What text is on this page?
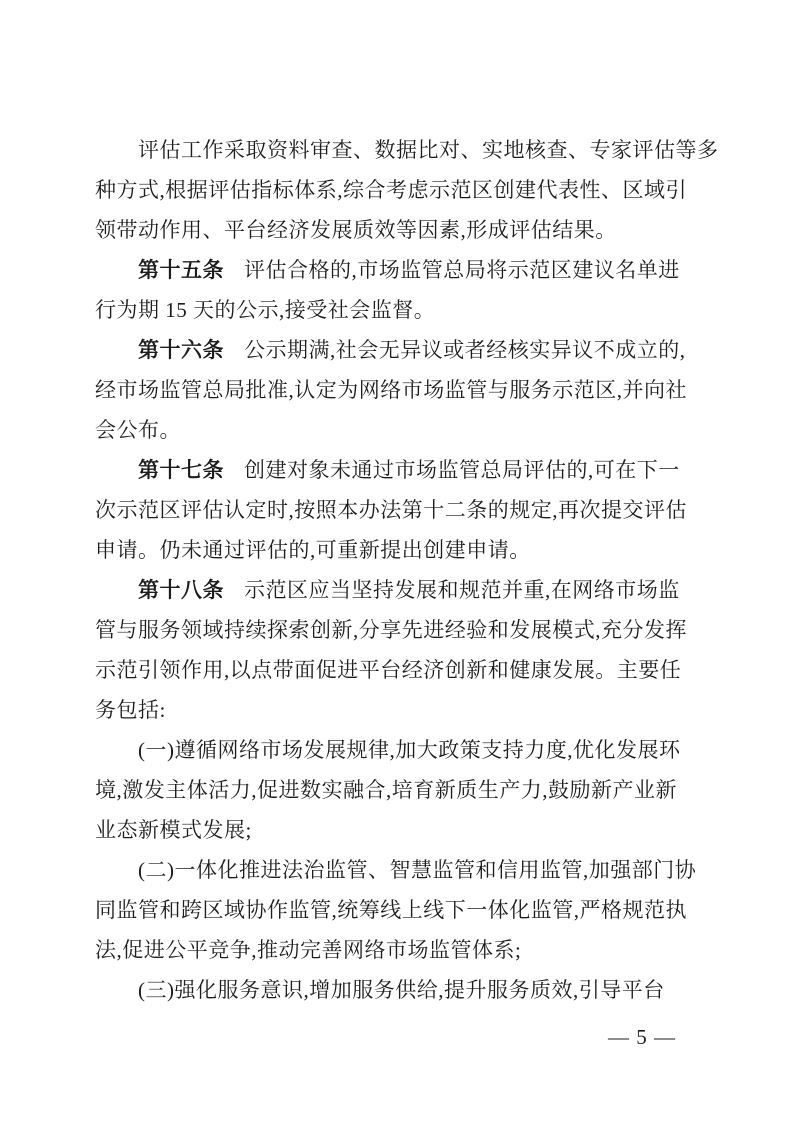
评估工作采取资料审查、数据比对、实地核查、专家评估等多
种方式,根据评估指标体系,综合考虑示范区创建代表性、区域引
领带动作用、平台经济发展质效等因素,形成评估结果。
第十五条 评估合格的,市场监管总局将示范区建议名单进
行为期 15 天的公示,接受社会监督。
第十六条 公示期满,社会无异议或者经核实异议不成立的,
经市场监管总局批准,认定为网络市场监管与服务示范区,并向社
会公布。
第十七条 创建对象未通过市场监管总局评估的,可在下一
次示范区评估认定时,按照本办法第十二条的规定,再次提交评估
申请。仍未通过评估的,可重新提出创建申请。
第十八条 示范区应当坚持发展和规范并重,在网络市场监
管与服务领域持续探索创新,分享先进经验和发展模式,充分发挥
示范引领作用,以点带面促进平台经济创新和健康发展。主要任
务包括:
(一)遵循网络市场发展规律,加大政策支持力度,优化发展环
境,激发主体活力,促进数实融合,培育新质生产力,鼓励新产业新
业态新模式发展;
(二)一体化推进法治监管、智慧监管和信用监管,加强部门协
同监管和跨区域协作监管,统筹线上线下一体化监管,严格规范执
法,促进公平竞争,推动完善网络市场监管体系;
(三)强化服务意识,增加服务供给,提升服务质效,引导平台
— 5 —
